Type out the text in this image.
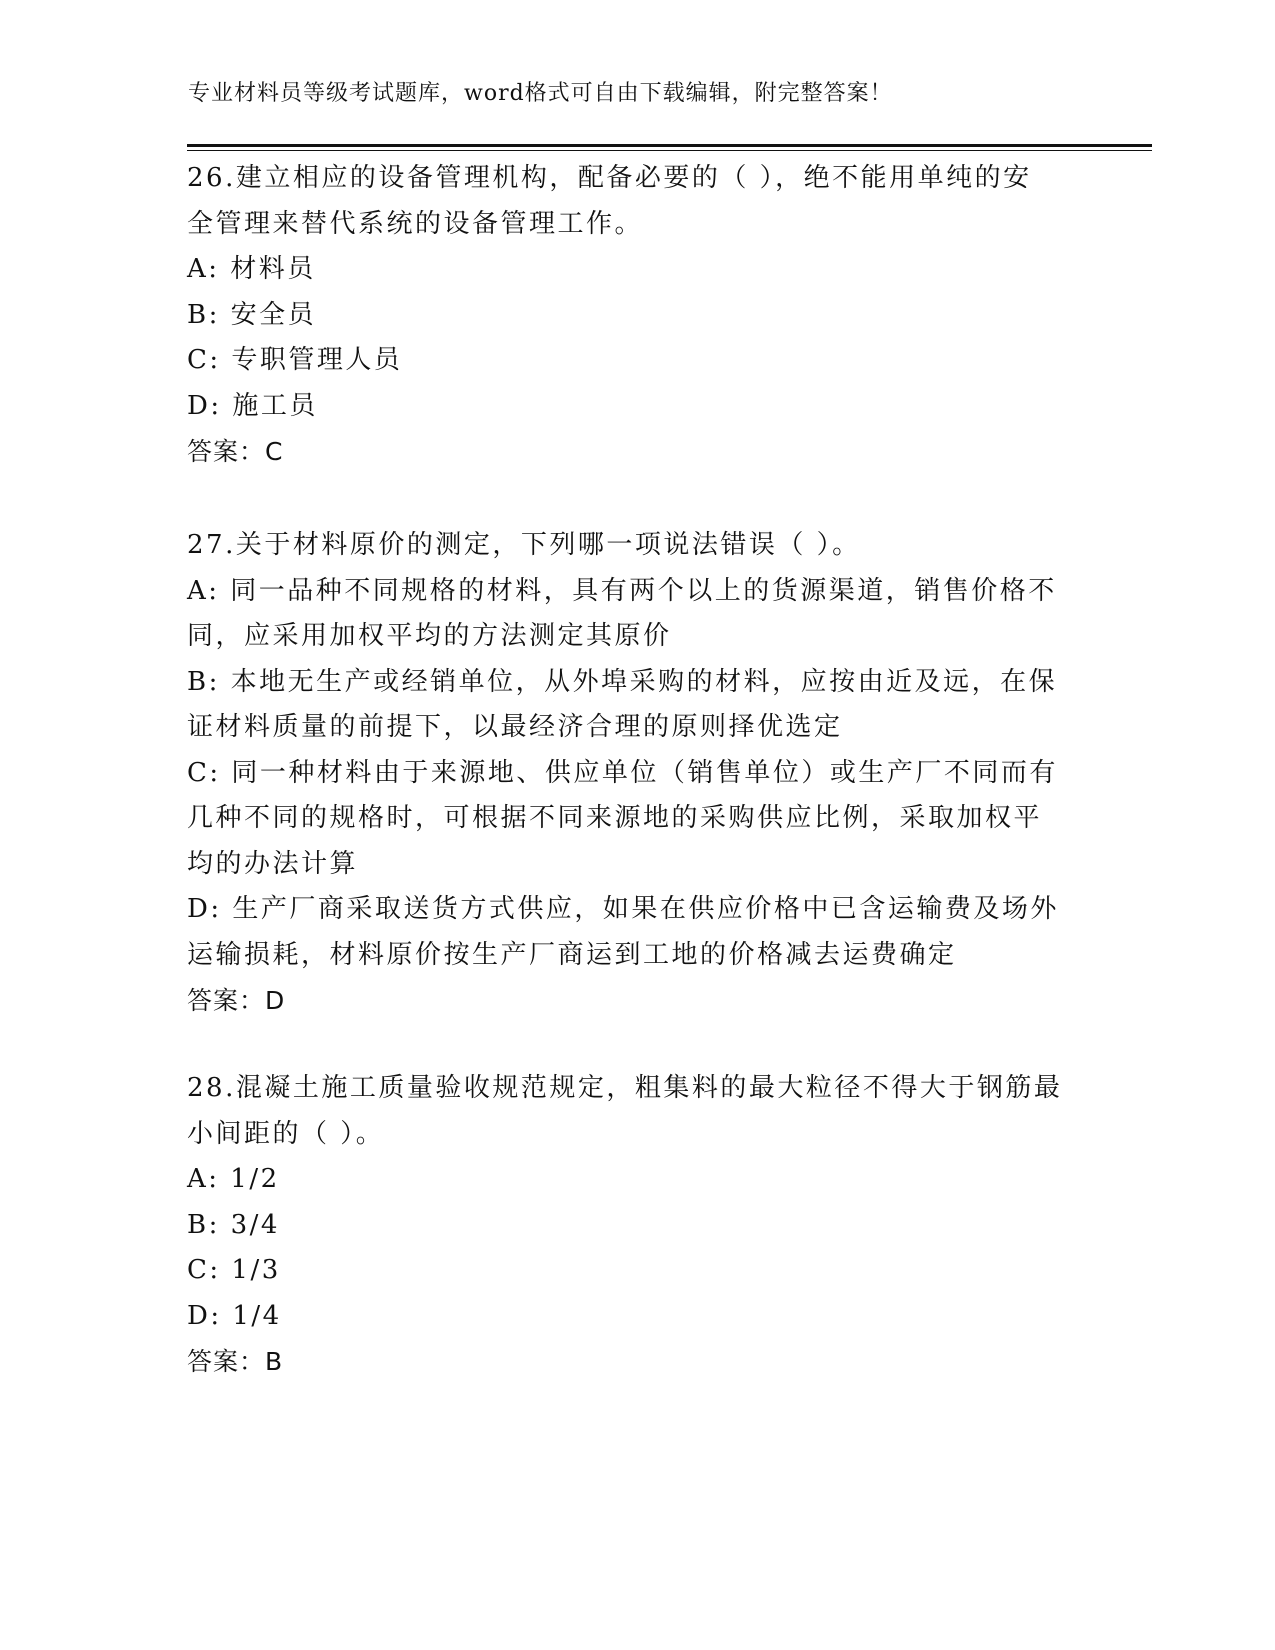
专业材料员等级考试题库，word格式可自由下载编辑，附完整答案！
26.建立相应的设备管理机构，配备必要的（ ），绝不能用单纯的安
全管理来替代系统的设备管理工作。
A: 材料员
B: 安全员
C: 专职管理人员
D: 施工员
答案：C
27.关于材料原价的测定，下列哪一项说法错误（ ）。
A: 同一品种不同规格的材料，具有两个以上的货源渠道，销售价格不
同，应采用加权平均的方法测定其原价
B: 本地无生产或经销单位，从外埠采购的材料，应按由近及远，在保
证材料质量的前提下，以最经济合理的原则择优选定
C: 同一种材料由于来源地、供应单位（销售单位）或生产厂不同而有
几种不同的规格时，可根据不同来源地的采购供应比例，采取加权平
均的办法计算
D: 生产厂商采取送货方式供应，如果在供应价格中已含运输费及场外
运输损耗，材料原价按生产厂商运到工地的价格减去运费确定
答案：D
28.混凝土施工质量验收规范规定，粗集料的最大粒径不得大于钢筋最
小间距的（ ）。
A: 1/2
B: 3/4
C: 1/3
D: 1/4
答案：B
